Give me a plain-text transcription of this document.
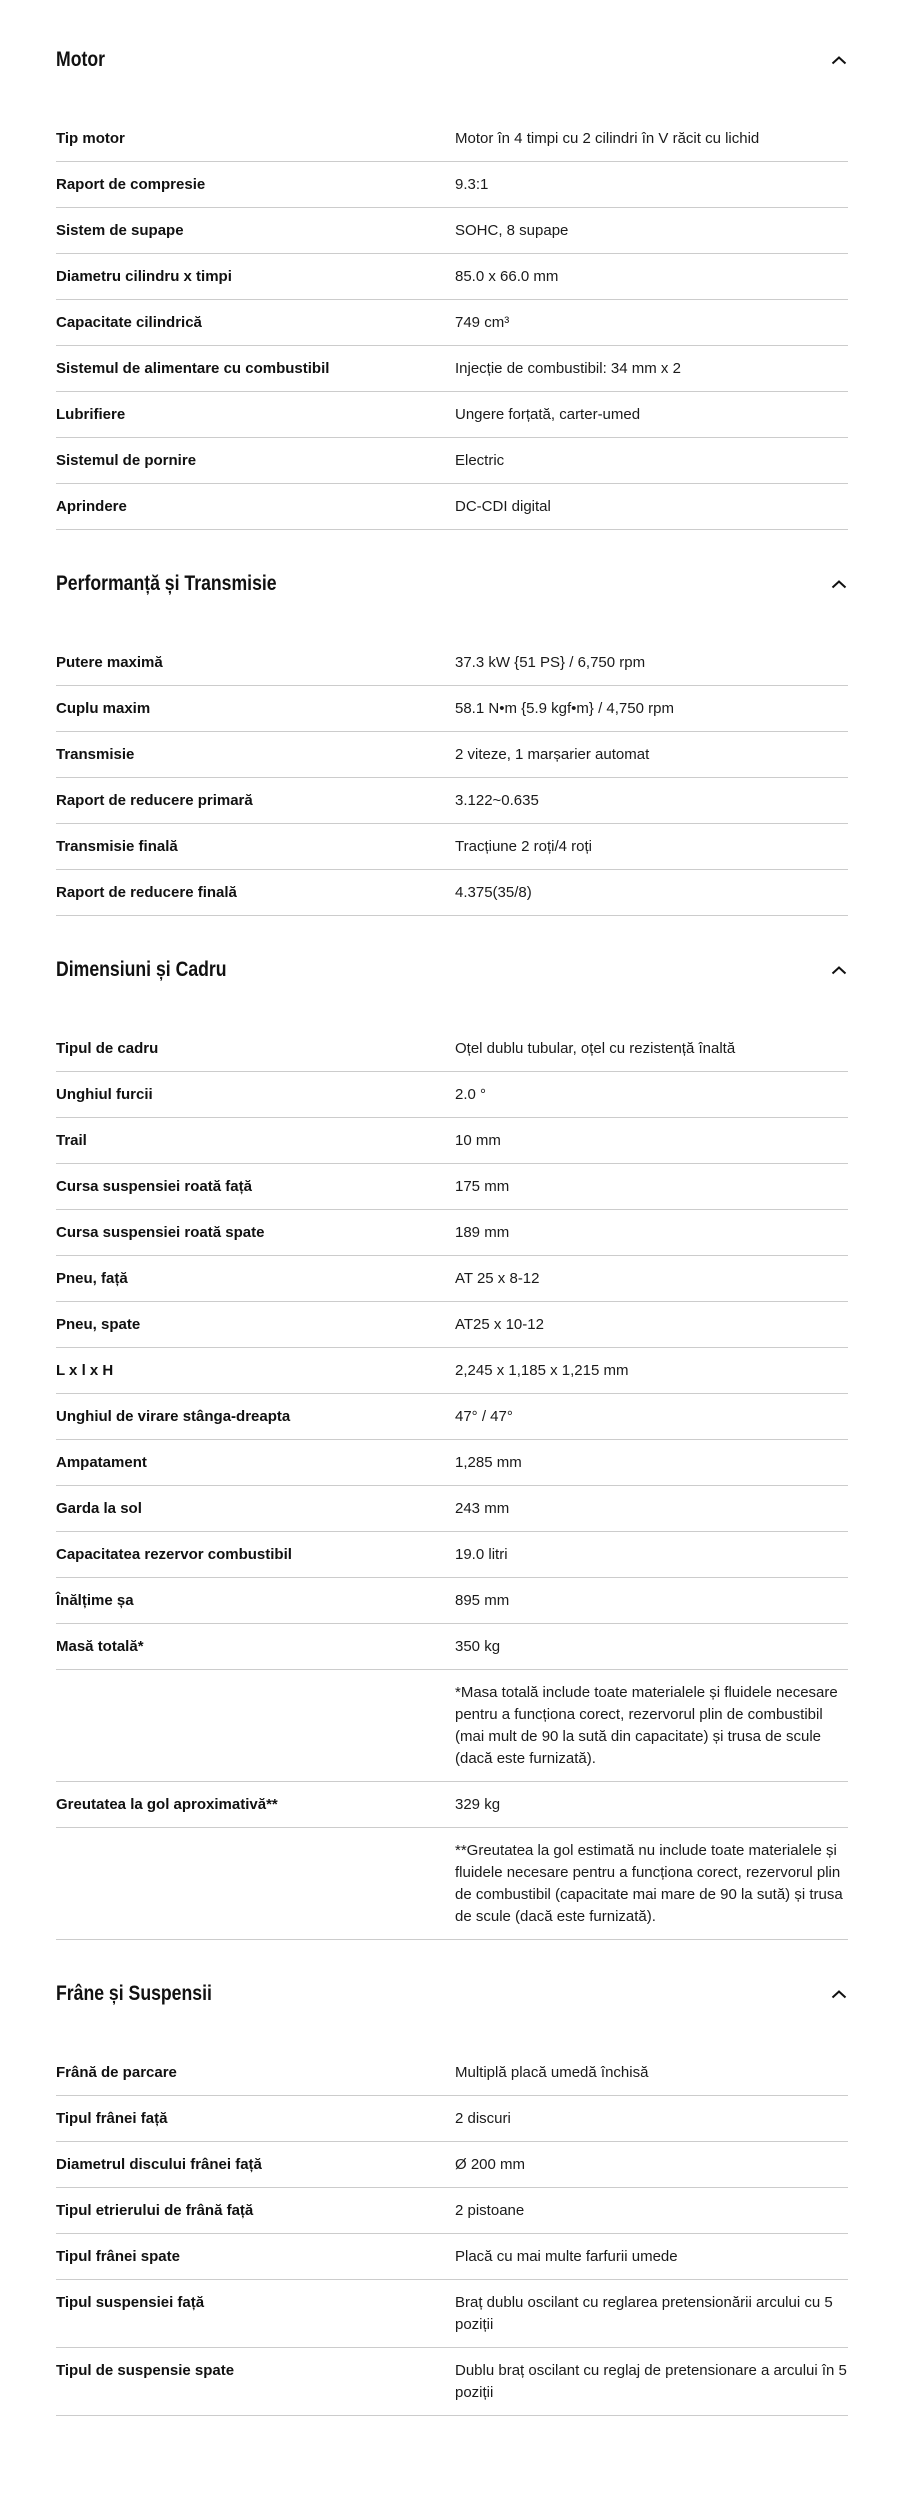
Motor
Tip motor	Motor în 4 timpi cu 2 cilindri în V răcit cu lichid
Raport de compresie	9.3:1
Sistem de supape	SOHC, 8 supape
Diametru cilindru x timpi	85.0 x 66.0 mm
Capacitate cilindrică	749 cm³
Sistemul de alimentare cu combustibil	Injecție de combustibil: 34 mm x 2
Lubrifiere	Ungere forțată, carter-umed
Sistemul de pornire	Electric
Aprindere	DC-CDI digital
Performanță și Transmisie
Putere maximă	37.3 kW {51 PS} / 6,750 rpm
Cuplu maxim	58.1 N•m {5.9 kgf•m} / 4,750 rpm
Transmisie	2 viteze, 1 marșarier automat
Raport de reducere primară	3.122~0.635
Transmisie finală	Tracțiune 2 roți/4 roți
Raport de reducere finală	4.375(35/8)
Dimensiuni și Cadru
Tipul de cadru	Oțel dublu tubular, oțel cu rezistență înaltă
Unghiul furcii	2.0 °
Trail	10 mm
Cursa suspensiei roată față	175 mm
Cursa suspensiei roată spate	189 mm
Pneu, față	AT 25 x 8-12
Pneu, spate	AT25 x 10-12
L x l x H	2,245 x 1,185 x 1,215 mm
Unghiul de virare stânga-dreapta	47° / 47°
Ampatament	1,285 mm
Garda la sol	243 mm
Capacitatea rezervor combustibil	19.0 litri
Înălțime șa	895 mm
Masă totală*	350 kg
*Masa totală include toate materialele și fluidele necesare pentru a funcționa corect, rezervorul plin de combustibil (mai mult de 90 la sută din capacitate) și trusa de scule (dacă este furnizată).
Greutatea la gol aproximativă**	329 kg
**Greutatea la gol estimată nu include toate materialele și fluidele necesare pentru a funcționa corect, rezervorul plin de combustibil (capacitate mai mare de 90 la sută) și trusa de scule (dacă este furnizată).
Frâne și Suspensii
Frână de parcare	Multiplă placă umedă închisă
Tipul frânei față	2 discuri
Diametrul discului frânei față	Ø 200 mm
Tipul etrierului de frână față	2 pistoane
Tipul frânei spate	Placă cu mai multe farfurii umede
Tipul suspensiei față	Braț dublu oscilant cu reglarea pretensionării arcului cu 5 poziții
Tipul de suspensie spate	Dublu braț oscilant cu reglaj de pretensionare a arcului în 5 poziții
